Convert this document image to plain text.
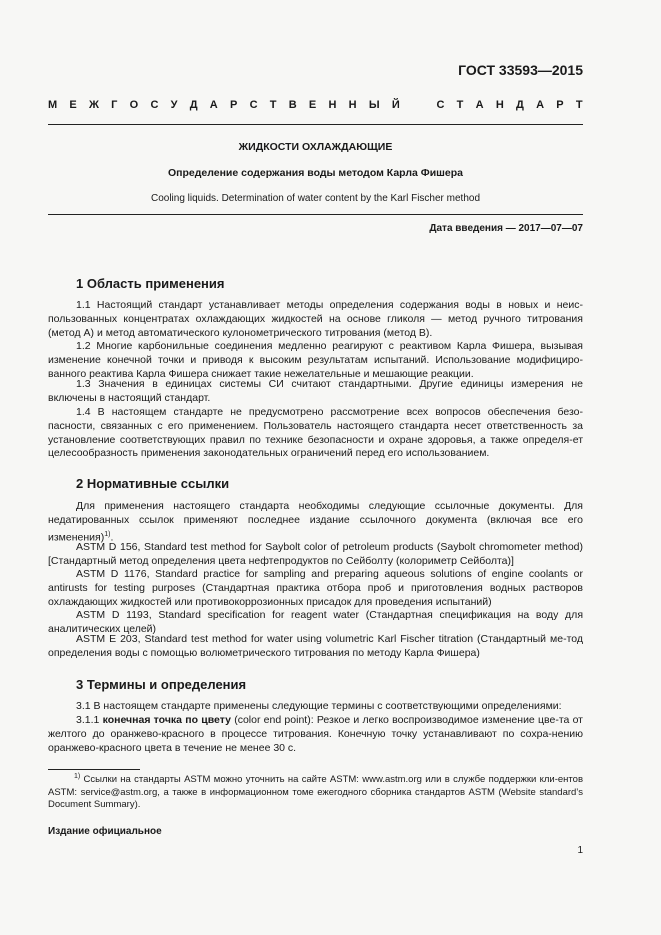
ГОСТ 33593—2015
М Е Ж Г О С У Д А Р С Т В Е Н Н Ы Й	С Т А Н Д А Р Т
ЖИДКОСТИ ОХЛАЖДАЮЩИЕ
Определение содержания воды методом Карла Фишера
Cooling liquids. Determination of water content by the Karl Fischer method
Дата введения — 2017—07—07
1 Область применения

1.1 Настоящий стандарт устанавливает методы определения содержания воды в новых и неис-пользованных концентратах охлаждающих жидкостей на основе гликоля — метод ручного титрования (метод А) и метод автоматического кулонометрического титрования (метод В).

1.2 Многие карбонильные соединения медленно реагируют с реактивом Карла Фишера, вызывая изменение конечной точки и приводя к высоким результатам испытаний. Использование модифициро-ванного реактива Карла Фишера снижает такие нежелательные и мешающие реакции.

1.3 Значения в единицах системы СИ считают стандартными. Другие единицы измерения не включены в настоящий стандарт.

1.4 В настоящем стандарте не предусмотрено рассмотрение всех вопросов обеспечения безо-пасности, связанных с его применением. Пользователь настоящего стандарта несет ответственность за установление соответствующих правил по технике безопасности и охране здоровья, а также определя-ет целесообразность применения законодательных ограничений перед его использованием.

2 Нормативные ссылки

Для применения настоящего стандарта необходимы следующие ссылочные документы. Для недатированных ссылок применяют последнее издание ссылочного документа (включая все его изменения)$^{1)}$.

ASTM D 156, Standard test method for Saybolt color of petroleum products (Saybolt chromometer method) [Стандартный метод определения цвета нефтепродуктов по Сейболту (колориметр Сейболта)]

ASTM D 1176, Standard practice for sampling and preparing aqueous solutions of engine coolants or antirusts for testing purposes (Стандартная практика отбора проб и приготовления водных растворов охлаждающих жидкостей или противокоррозионных присадок для проведения испытаний)

ASTM D 1193, Standard specification for reagent water (Стандартная спецификация на воду для аналитических целей)

ASTM E 203, Standard test method for water using volumetric Karl Fischer titration (Стандартный ме-тод определения воды с помощью волюметрического титрования по методу Карла Фишера)

3 Термины и определения

3.1 В настоящем стандарте применены следующие термины с соответствующими определениями:

3.1.1 конечная точка по цвету (color end point): Резкое и легко воспроизводимое изменение цве-та от желтого до оранжево-красного в процессе титрования. Конечную точку устанавливают по сохра-нению оранжево-красного цвета в течение не менее 30 с.

$^{1)}$ Ссылки на стандарты ASTM можно уточнить на сайте ASTM: www.astm.org или в службе поддержки кли-ентов ASTM: service@astm.org, а также в информационном томе ежегодного сборника стандартов ASTM (Website standard’s Document Summary).

Издание официальное
1
